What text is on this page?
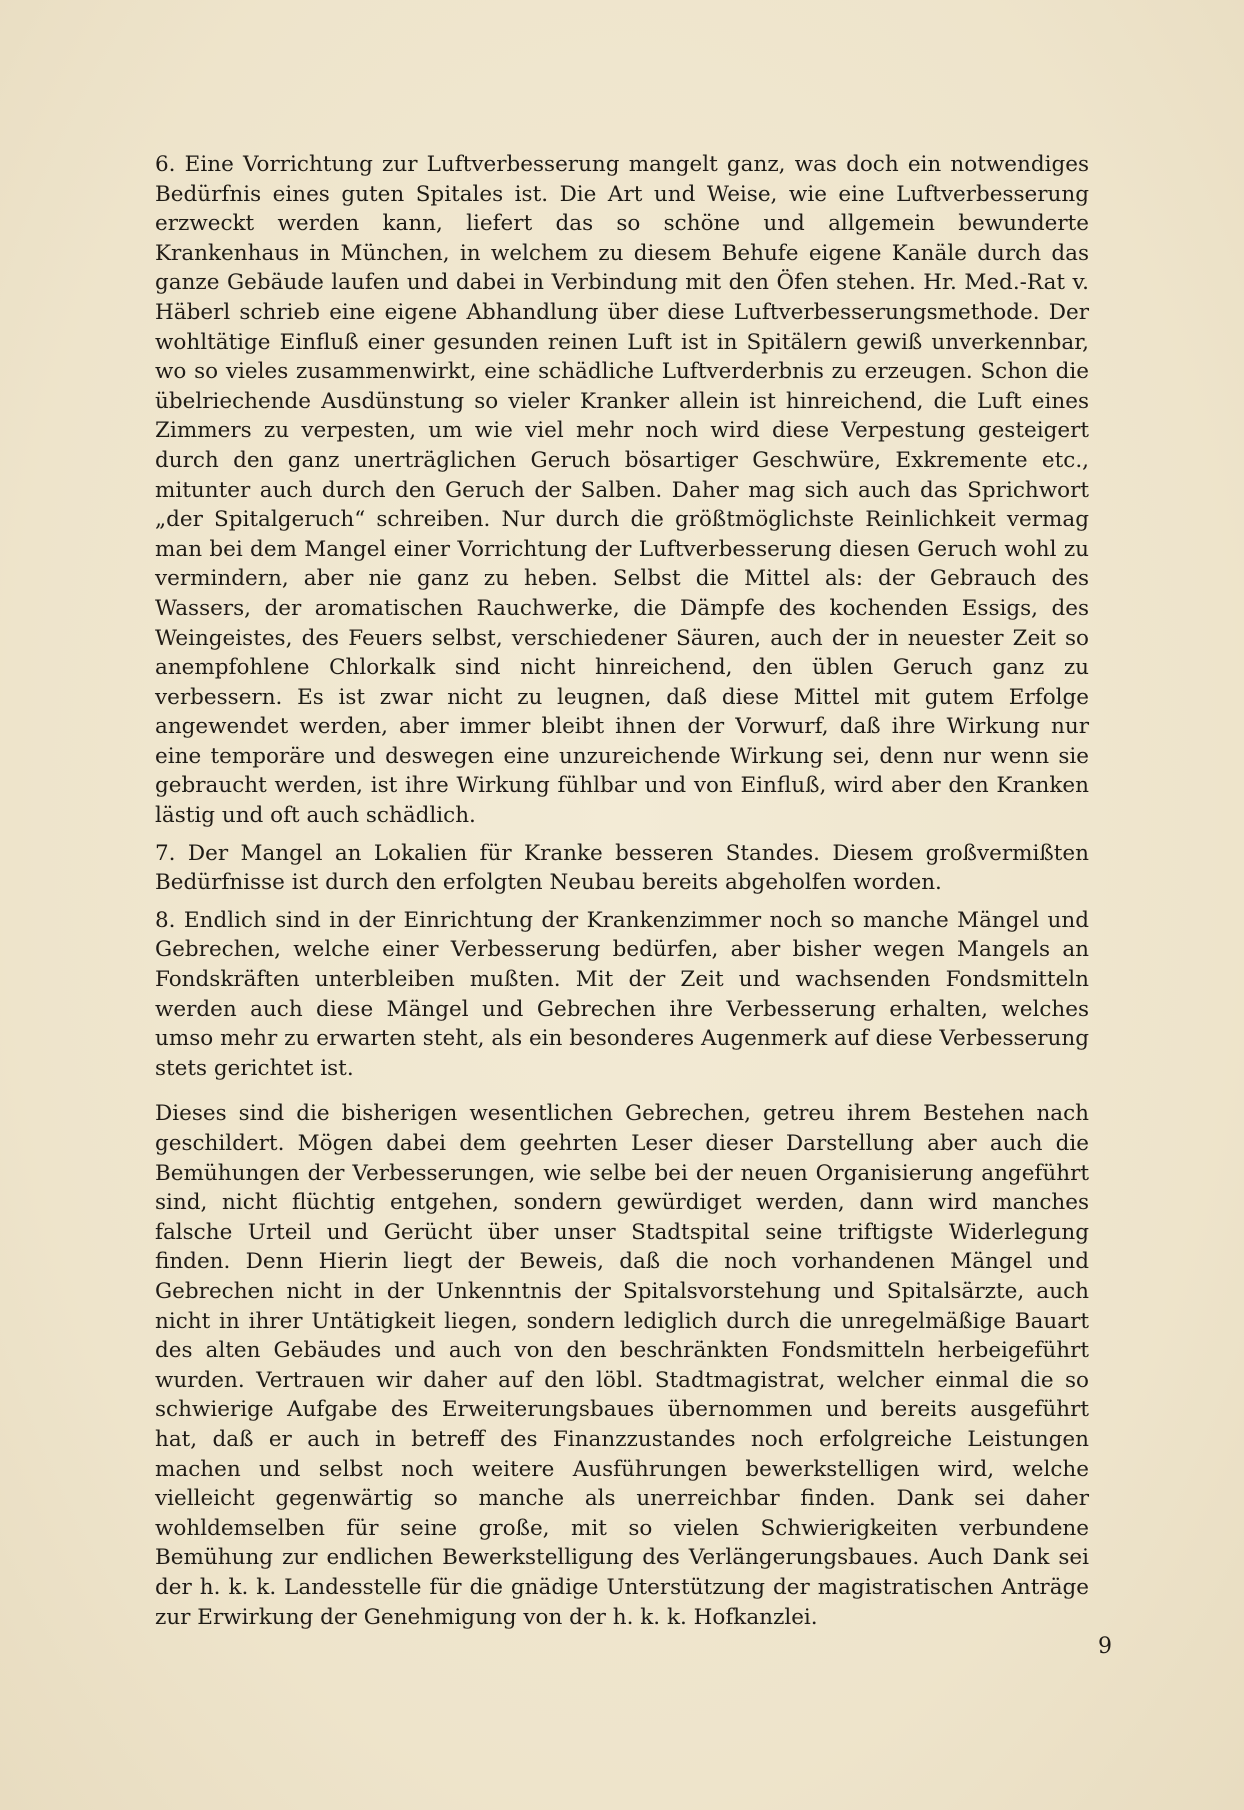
6. Eine Vorrichtung zur Luftverbesserung mangelt ganz, was doch ein notwendiges Bedürfnis eines guten Spitales ist. Die Art und Weise, wie eine Luftverbesserung erzweckt werden kann, liefert das so schöne und allgemein bewunderte Krankenhaus in München, in welchem zu diesem Behufe eigene Kanäle durch das ganze Gebäude laufen und dabei in Verbindung mit den Öfen stehen. Hr. Med.-Rat v. Häberl schrieb eine eigene Abhandlung über diese Luftverbesserungsmethode. Der wohltätige Einfluß einer gesunden reinen Luft ist in Spitälern gewiß unverkennbar, wo so vieles zusammenwirkt, eine schädliche Luftverderbnis zu erzeugen. Schon die übelriechende Ausdünstung so vieler Kranker allein ist hinreichend, die Luft eines Zimmers zu verpesten, um wie viel mehr noch wird diese Verpestung gesteigert durch den ganz unerträglichen Geruch bösartiger Geschwüre, Exkremente etc., mitunter auch durch den Geruch der Salben. Daher mag sich auch das Sprichwort „der Spitalgeruch“ schreiben. Nur durch die größtmöglichste Reinlichkeit vermag man bei dem Mangel einer Vorrichtung der Luftverbesserung diesen Geruch wohl zu vermindern, aber nie ganz zu heben. Selbst die Mittel als: der Gebrauch des Wassers, der aromatischen Rauchwerke, die Dämpfe des kochenden Essigs, des Weingeistes, des Feuers selbst, verschiedener Säuren, auch der in neuester Zeit so anempfohlene Chlorkalk sind nicht hinreichend, den üblen Geruch ganz zu verbessern. Es ist zwar nicht zu leugnen, daß diese Mittel mit gutem Erfolge angewendet werden, aber immer bleibt ihnen der Vorwurf, daß ihre Wirkung nur eine temporäre und deswegen eine unzureichende Wirkung sei, denn nur wenn sie gebraucht werden, ist ihre Wirkung fühlbar und von Einfluß, wird aber den Kranken lästig und oft auch schädlich.

7. Der Mangel an Lokalien für Kranke besseren Standes. Diesem großvermißten Bedürfnisse ist durch den erfolgten Neubau bereits abgeholfen worden.

8. Endlich sind in der Einrichtung der Krankenzimmer noch so manche Mängel und Gebrechen, welche einer Verbesserung bedürfen, aber bisher wegen Mangels an Fondskräften unterbleiben mußten. Mit der Zeit und wachsenden Fondsmitteln werden auch diese Mängel und Gebrechen ihre Verbesserung erhalten, welches umso mehr zu erwarten steht, als ein besonderes Augenmerk auf diese Verbesserung stets gerichtet ist.

Dieses sind die bisherigen wesentlichen Gebrechen, getreu ihrem Bestehen nach geschildert. Mögen dabei dem geehrten Leser dieser Darstellung aber auch die Bemühungen der Verbesserungen, wie selbe bei der neuen Organisierung angeführt sind, nicht flüchtig entgehen, sondern gewürdiget werden, dann wird manches falsche Urteil und Gerücht über unser Stadtspital seine triftigste Widerlegung finden. Denn Hierin liegt der Beweis, daß die noch vorhandenen Mängel und Gebrechen nicht in der Unkenntnis der Spitalsvorstehung und Spitalsärzte, auch nicht in ihrer Untätigkeit liegen, sondern lediglich durch die unregelmäßige Bauart des alten Gebäudes und auch von den beschränkten Fondsmitteln herbeigeführt wurden. Vertrauen wir daher auf den löbl. Stadtmagistrat, welcher einmal die so schwierige Aufgabe des Erweiterungsbaues übernommen und bereits ausgeführt hat, daß er auch in betreff des Finanzzustandes noch erfolgreiche Leistungen machen und selbst noch weitere Ausführungen bewerkstelligen wird, welche vielleicht gegenwärtig so manche als unerreichbar finden. Dank sei daher wohldemselben für seine große, mit so vielen Schwierigkeiten verbundene Bemühung zur endlichen Bewerkstelligung des Verlängerungsbaues. Auch Dank sei der h. k. k. Landesstelle für die gnädige Unterstützung der magistratischen Anträge zur Erwirkung der Genehmigung von der h. k. k. Hofkanzlei.

9
